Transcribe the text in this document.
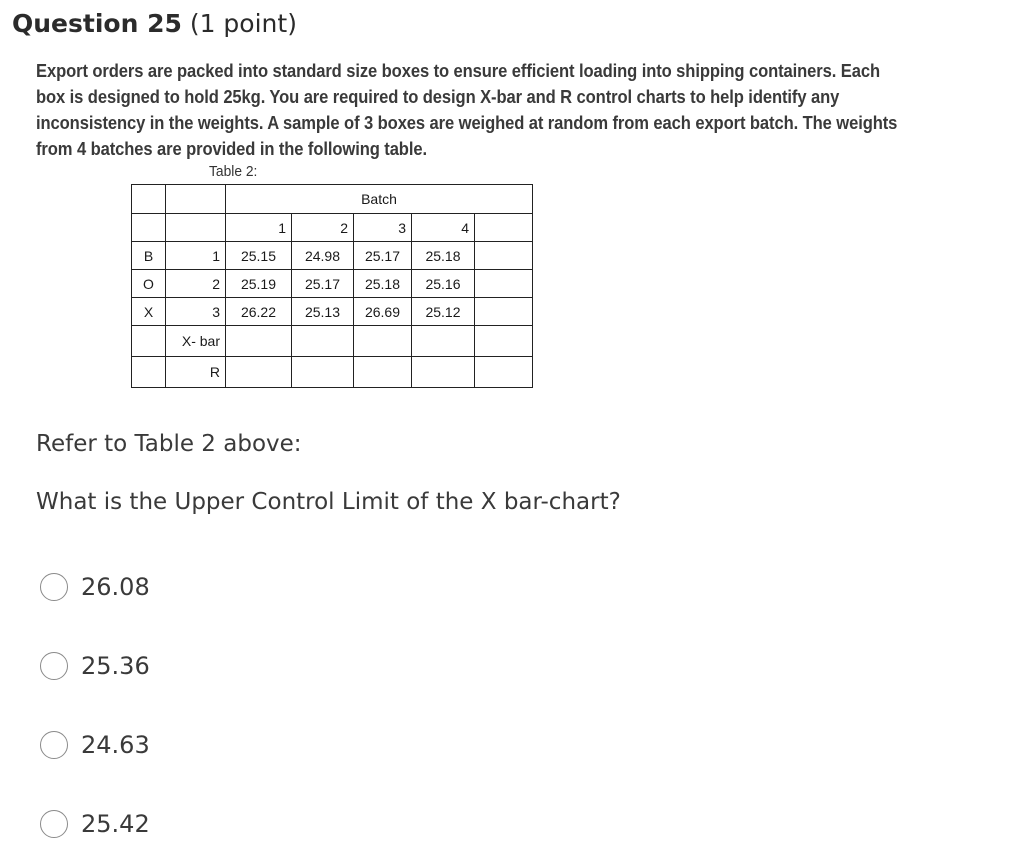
Question 25 (1 point)
Export orders are packed into standard size boxes to ensure efficient loading into shipping containers. Each
box is designed to hold 25kg. You are required to design X-bar and R control charts to help identify any
inconsistency in the weights. A sample of 3 boxes are weighed at random from each export batch. The weights
from 4 batches are provided in the following table.
Table 2:
		Batch				
		1	2	3	4	
B	1	25.15	24.98	25.17	25.18	
O	2	25.19	25.17	25.18	25.16	
X	3	26.22	25.13	26.69	25.12	
	X- bar					
	R					
Refer to Table 2 above:
What is the Upper Control Limit of the X bar-chart?
26.08
25.36
24.63
25.42
